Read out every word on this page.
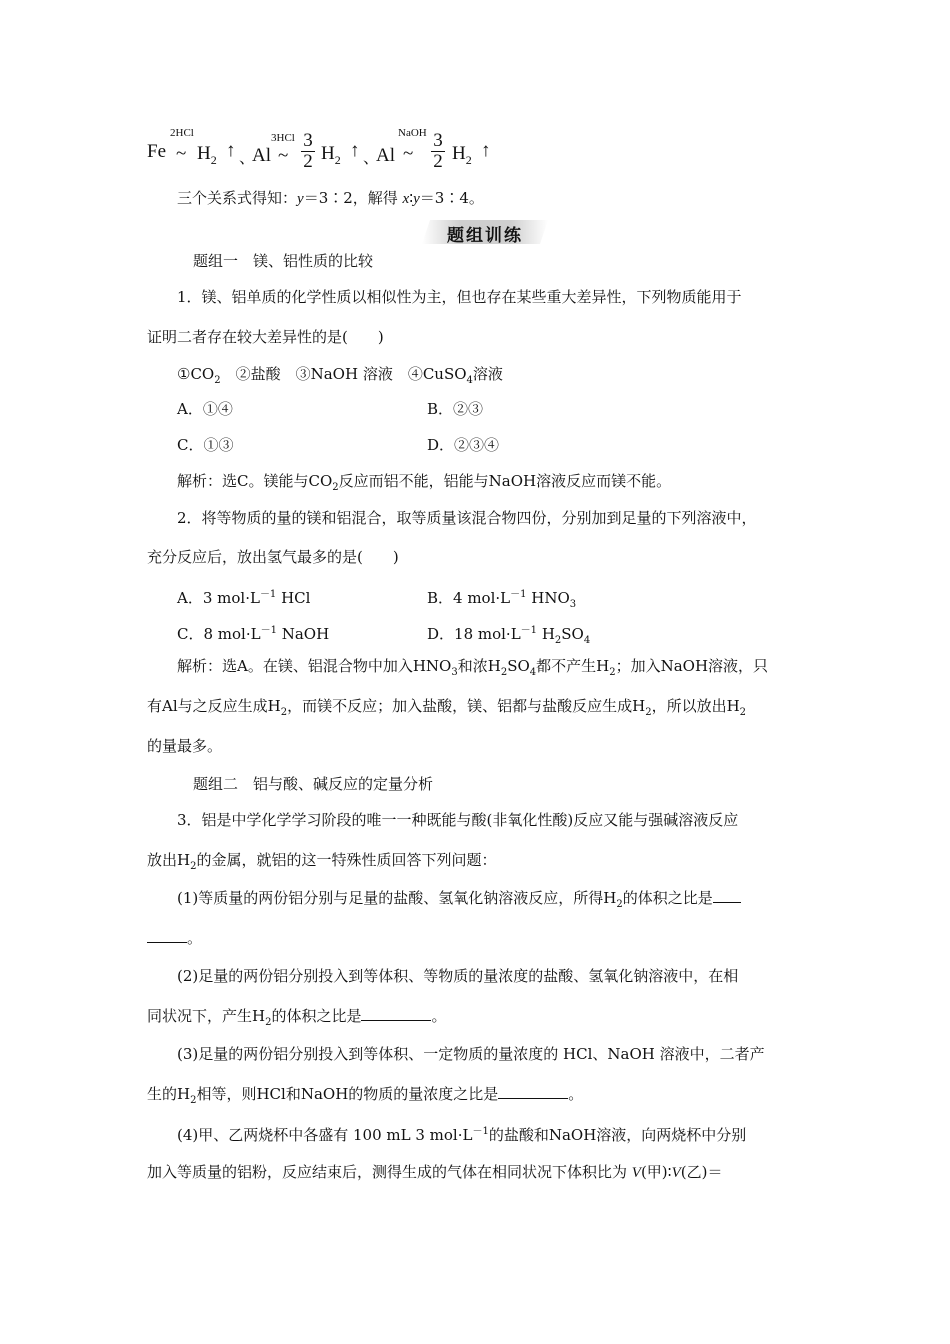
Fe
2HCl
~ $H_2$ ↑ 、
Al
3HCl
~ $\frac{3}{2} H_2$ ↑ 、
Al
NaOH
~ $\frac{3}{2} H_2$ ↑
三个关系式得知：y＝3∶2，解得 x∶y＝3∶4。
题组训练
题组一　镁、铝性质的比较
1．镁、铝单质的化学性质以相似性为主，但也存在某些重大差异性，下列物质能用于
证明二者存在较大差异性的是(　　)
$①CO_2$　②盐酸　③NaOH 溶液　④CuSO$_4$溶液
A．①④	B．②③
C．①③	D．②③④
解析：选C。镁能与$CO_2$反应而铝不能，铝能与NaOH溶液反应而镁不能。
2．将等物质的量的镁和铝混合，取等质量该混合物四份，分别加到足量的下列溶液中，
充分反应后，放出氢气最多的是(　　)
A．3 $mol\cdot L^{-1}$ HCl	B．4 $mol\cdot L^{-1}$ $HNO_3$
C．8 $mol\cdot L^{-1}$ NaOH	D．18 $mol\cdot L^{-1}$ $H_2SO_4$
解析：选A。在镁、铝混合物中加入$HNO_3$和浓$H_2SO_4$都不产生$H_2$；加入NaOH溶液，只
有Al与之反应生成$H_2$，而镁不反应；加入盐酸，镁、铝都与盐酸反应生成$H_2$，所以放出$H_2$
的量最多。
题组二　铝与酸、碱反应的定量分析
3．铝是中学化学学习阶段的唯一一种既能与酸(非氧化性酸)反应又能与强碱溶液反应
放出$H_2$的金属，就铝的这一特殊性质回答下列问题：
(1)等质量的两份铝分别与足量的盐酸、氢氧化钠溶液反应，所得$H_2$的体积之比是
。
(2)足量的两份铝分别投入到等体积、等物质的量浓度的盐酸、氢氧化钠溶液中，在相
同状况下，产生$H_2$的体积之比是	。
(3)足量的两份铝分别投入到等体积、一定物质的量浓度的 HCl、NaOH 溶液中，二者产
生的$H_2$相等，则HCl和NaOH的物质的量浓度之比是	。
(4)甲、乙两烧杯中各盛有 100 mL 3 $mol\cdot L^{-1}$的盐酸和NaOH溶液，向两烧杯中分别
加入等质量的铝粉，反应结束后，测得生成的气体在相同状况下体积比为 V(甲)∶V(乙)＝
